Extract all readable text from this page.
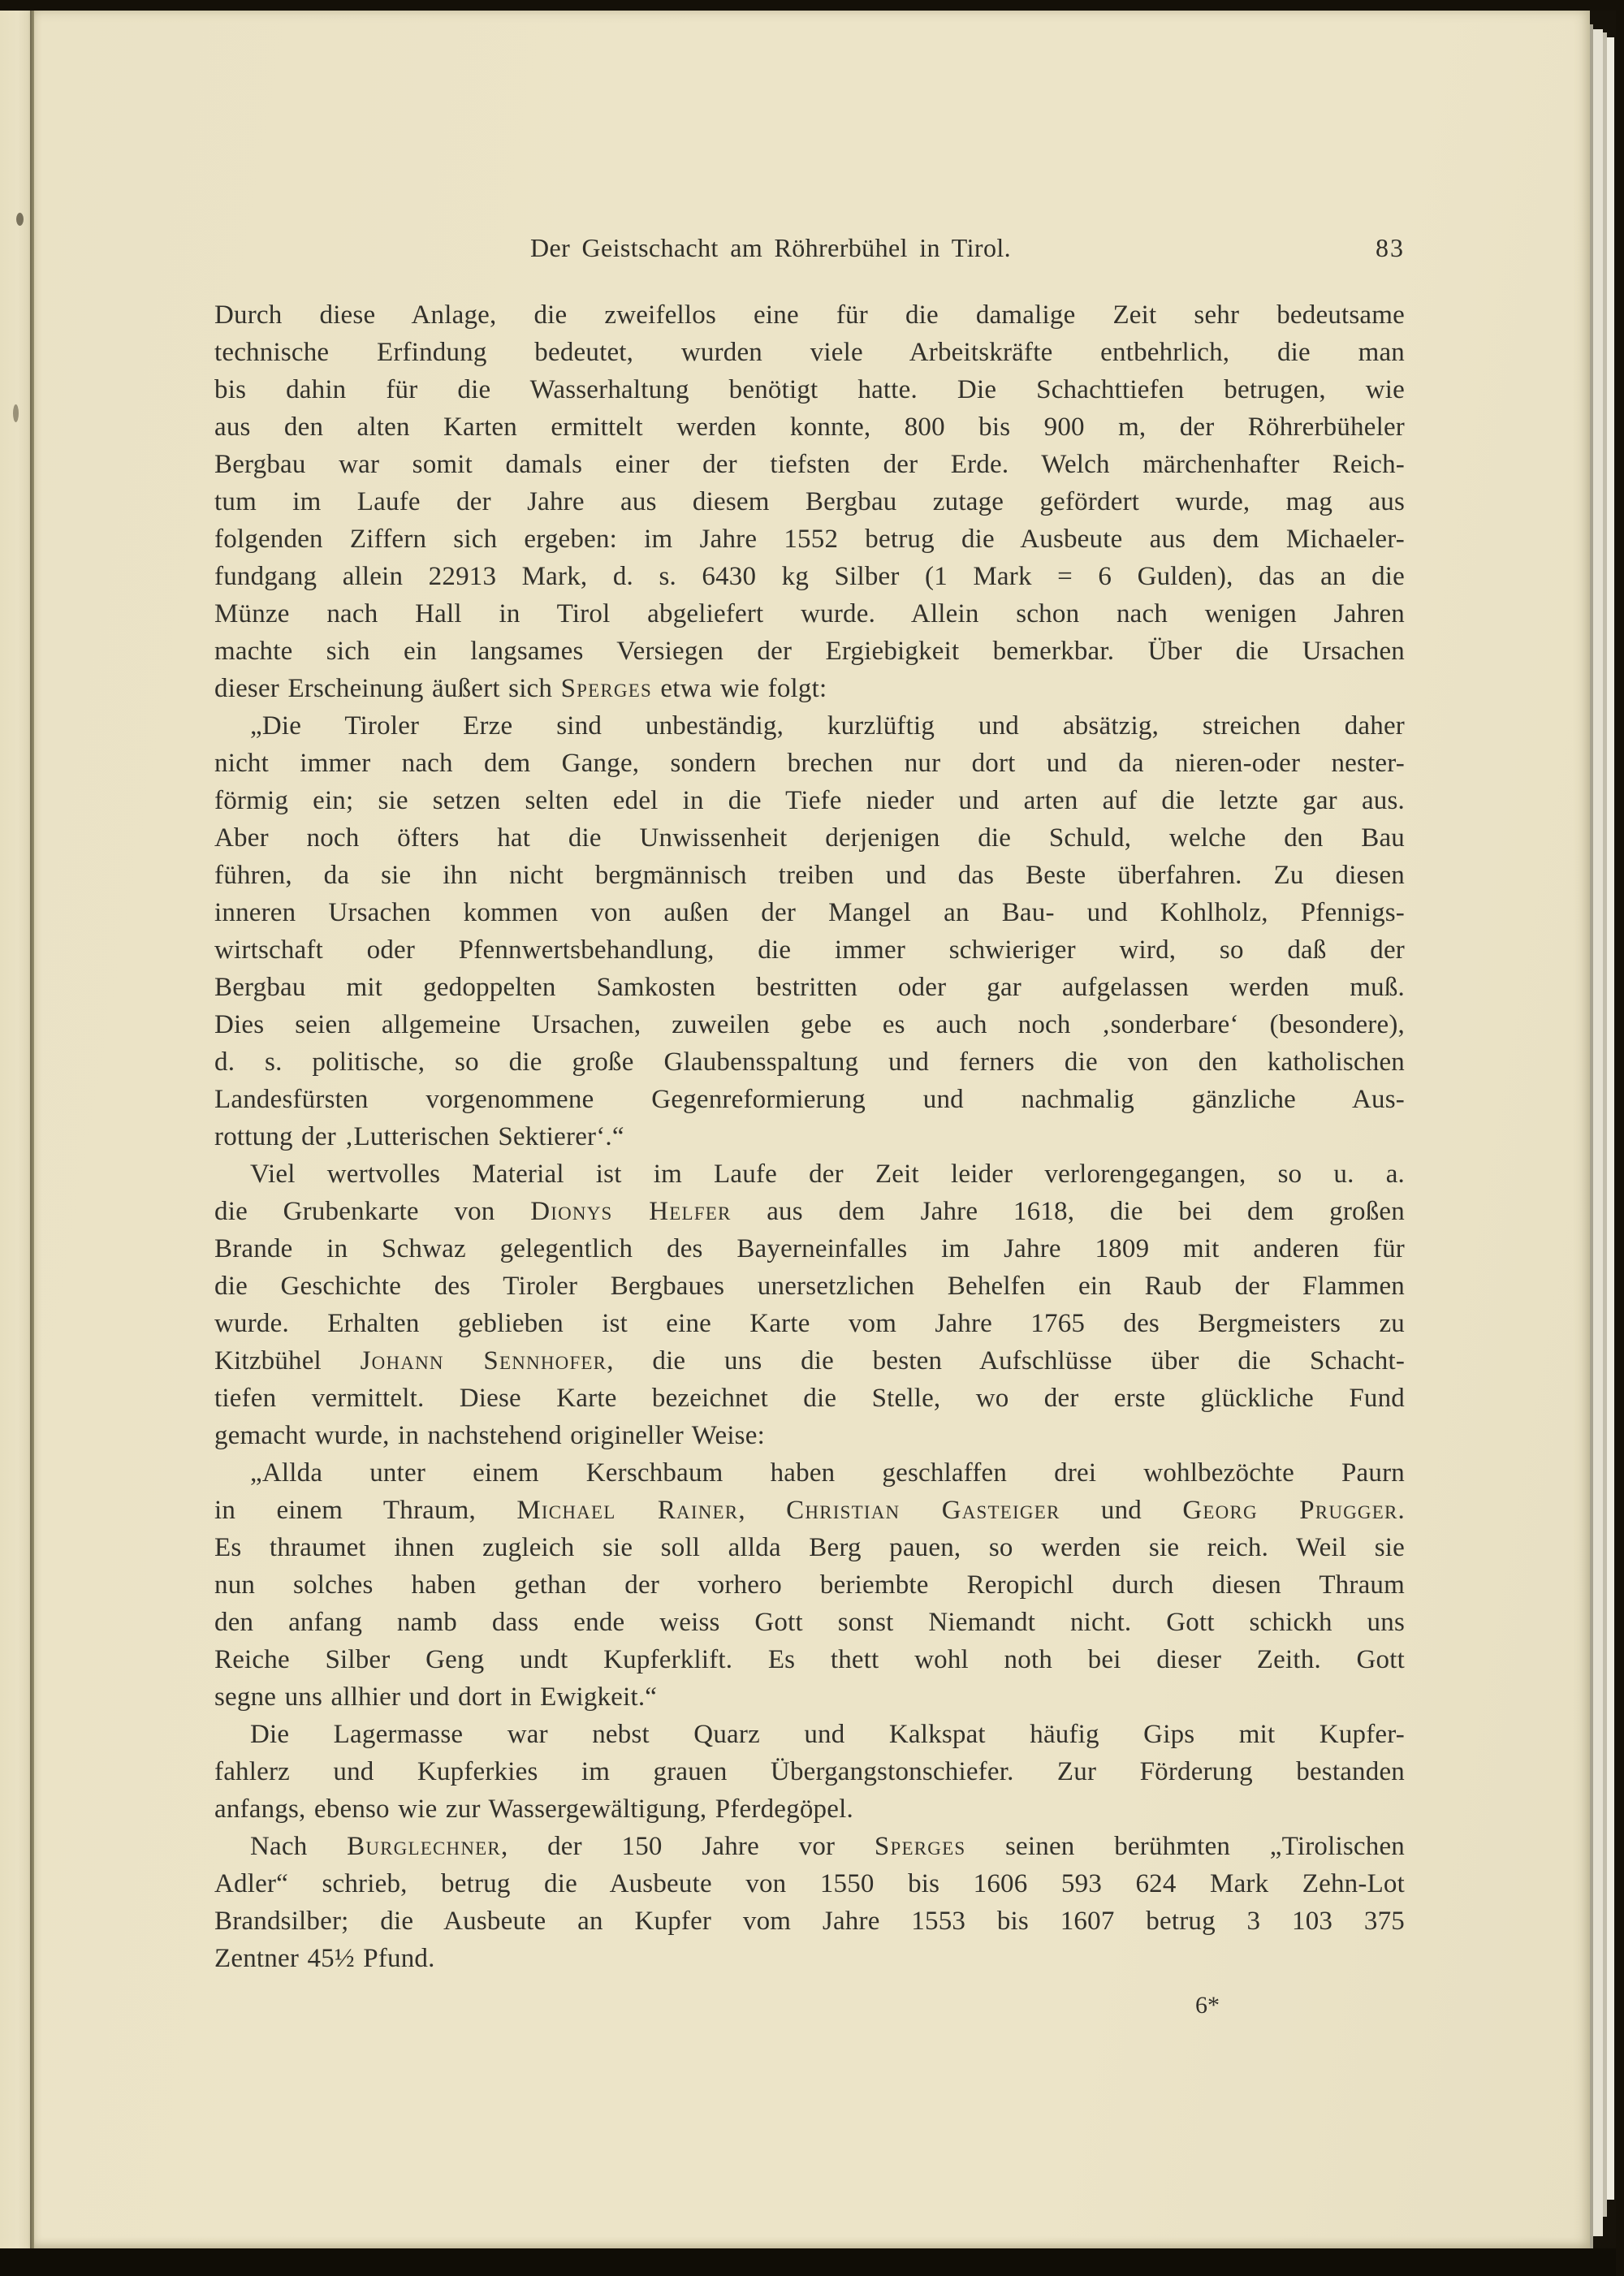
Der Geistschacht am Röhrerbühel in Tirol.	83
Durch diese Anlage, die zweifellos eine für die damalige Zeit sehr bedeutsame
technische Erfindung bedeutet, wurden viele Arbeitskräfte entbehrlich, die man
bis dahin für die Wasserhaltung benötigt hatte. Die Schachttiefen betrugen, wie
aus den alten Karten ermittelt werden konnte, 800 bis 900 m, der Röhrerbüheler
Bergbau war somit damals einer der tiefsten der Erde. Welch märchenhafter Reich-
tum im Laufe der Jahre aus diesem Bergbau zutage gefördert wurde, mag aus
folgenden Ziffern sich ergeben: im Jahre 1552 betrug die Ausbeute aus dem Michaeler-
fundgang allein 22913 Mark, d. s. 6430 kg Silber (1 Mark = 6 Gulden), das an die
Münze nach Hall in Tirol abgeliefert wurde. Allein schon nach wenigen Jahren
machte sich ein langsames Versiegen der Ergiebigkeit bemerkbar. Über die Ursachen
dieser Erscheinung äußert sich Sperges etwa wie folgt:
„Die Tiroler Erze sind unbeständig, kurzlüftig und absätzig, streichen daher
nicht immer nach dem Gange, sondern brechen nur dort und da nieren-oder nester-
förmig ein; sie setzen selten edel in die Tiefe nieder und arten auf die letzte gar aus.
Aber noch öfters hat die Unwissenheit derjenigen die Schuld, welche den Bau
führen, da sie ihn nicht bergmännisch treiben und das Beste überfahren. Zu diesen
inneren Ursachen kommen von außen der Mangel an Bau- und Kohlholz, Pfennigs-
wirtschaft oder Pfennwertsbehandlung, die immer schwieriger wird, so daß der
Bergbau mit gedoppelten Samkosten bestritten oder gar aufgelassen werden muß.
Dies seien allgemeine Ursachen, zuweilen gebe es auch noch ‚sonderbare‘ (besondere),
d. s. politische, so die große Glaubensspaltung und ferners die von den katholischen
Landesfürsten vorgenommene Gegenreformierung und nachmalig gänzliche Aus-
rottung der ‚Lutterischen Sektierer‘.“
Viel wertvolles Material ist im Laufe der Zeit leider verlorengegangen, so u. a.
die Grubenkarte von Dionys Helfer aus dem Jahre 1618, die bei dem großen
Brande in Schwaz gelegentlich des Bayerneinfalles im Jahre 1809 mit anderen für
die Geschichte des Tiroler Bergbaues unersetzlichen Behelfen ein Raub der Flammen
wurde. Erhalten geblieben ist eine Karte vom Jahre 1765 des Bergmeisters zu
Kitzbühel Johann Sennhofer, die uns die besten Aufschlüsse über die Schacht-
tiefen vermittelt. Diese Karte bezeichnet die Stelle, wo der erste glückliche Fund
gemacht wurde, in nachstehend origineller Weise:
„Allda unter einem Kerschbaum haben geschlaffen drei wohlbezöchte Paurn
in einem Thraum, Michael Rainer, Christian Gasteiger und Georg Prugger.
Es thraumet ihnen zugleich sie soll allda Berg pauen, so werden sie reich. Weil sie
nun solches haben gethan der vorhero beriembte Reropichl durch diesen Thraum
den anfang namb dass ende weiss Gott sonst Niemandt nicht. Gott schickh uns
Reiche Silber Geng undt Kupferklift. Es thett wohl noth bei dieser Zeith. Gott
segne uns allhier und dort in Ewigkeit.“
Die Lagermasse war nebst Quarz und Kalkspat häufig Gips mit Kupfer-
fahlerz und Kupferkies im grauen Übergangstonschiefer. Zur Förderung bestanden
anfangs, ebenso wie zur Wassergewältigung, Pferdegöpel.
Nach Burglechner, der 150 Jahre vor Sperges seinen berühmten „Tirolischen
Adler“ schrieb, betrug die Ausbeute von 1550 bis 1606 593 624 Mark Zehn-Lot
Brandsilber; die Ausbeute an Kupfer vom Jahre 1553 bis 1607 betrug 3 103 375
Zentner 45½ Pfund.
6*
